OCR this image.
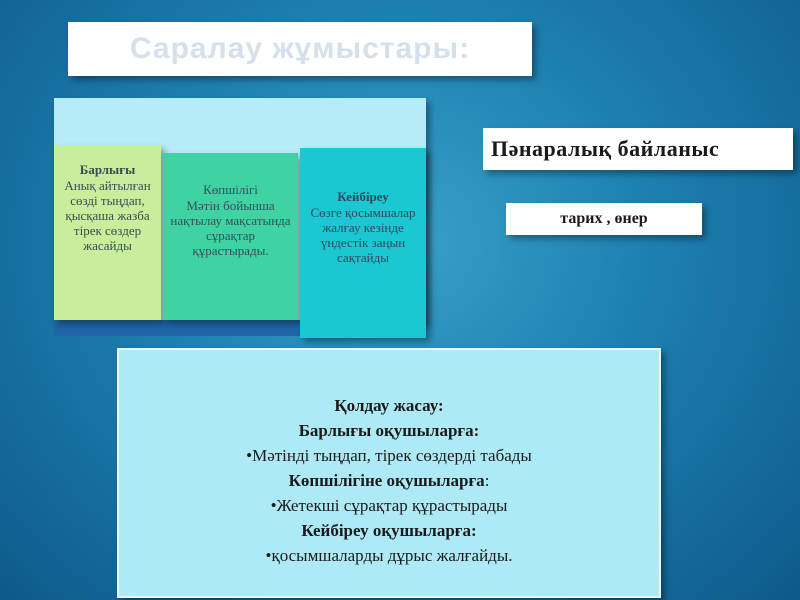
Саралау жұмыстары:
Барлығы
Анық айтылған сөзді тыңдап, қысқаша жазба тірек сөздер жасайды
Көпшілігі
Мәтін бойынша нақтылау мақсатында сұрақтар құрастырады.
Кейбіреу
Сөзге қосымшалар жалғау кезінде үндестік заңын сақтайды
Пәнаралық байланыс
тарих , өнер
Қолдау жасау:
Барлығы оқушыларға:
•Мәтінді тыңдап, тірек сөздерді табады
Көпшілігіне оқушыларға:
•Жетекші сұрақтар құрастырады
Кейбіреу оқушыларға:
•қосымшаларды дұрыс жалғайды.
